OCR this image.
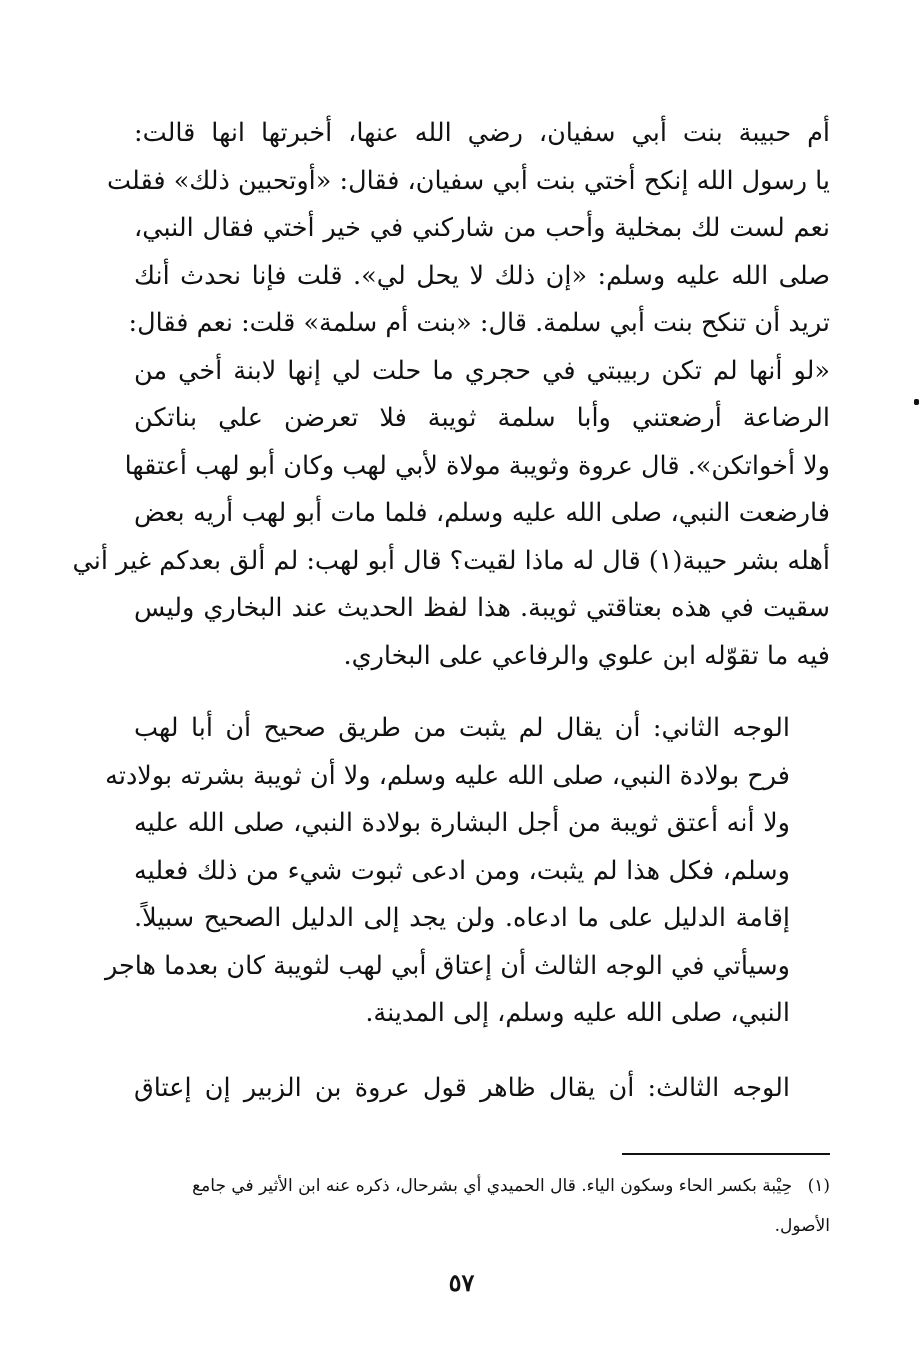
أم حبيبة بنت أبي سفيان، رضي الله عنها، أخبرتها انها قالت:
يا رسول الله إنكح أختي بنت أبي سفيان، فقال: «أوتحبين ذلك» فقلت
نعم لست لك بمخلية وأحب من شاركني في خير أختي فقال النبي،
صلى الله عليه وسلم: «إن ذلك لا يحل لي». قلت فإنا نحدث أنك
تريد أن تنكح بنت أبي سلمة. قال: «بنت أم سلمة» قلت: نعم فقال:
«لو أنها لم تكن ربيبتي في حجري ما حلت لي إنها لابنة أخي من
الرضاعة أرضعتني وأبا سلمة ثويبة فلا تعرضن علي بناتكن
ولا أخواتكن». قال عروة وثويبة مولاة لأبي لهب وكان أبو لهب أعتقها
فارضعت النبي، صلى الله عليه وسلم، فلما مات أبو لهب أريه بعض
أهله بشر حيبة(١) قال له ماذا لقيت؟ قال أبو لهب: لم ألق بعدكم غير أني
سقيت في هذه بعتاقتي ثويبة. هذا لفظ الحديث عند البخاري وليس
فيه ما تقوّله ابن علوي والرفاعي على البخاري.
الوجه الثاني: أن يقال لم يثبت من طريق صحيح أن أبا لهب
فرح بولادة النبي، صلى الله عليه وسلم، ولا أن ثويبة بشرته بولادته
ولا أنه أعتق ثويبة من أجل البشارة بولادة النبي، صلى الله عليه
وسلم، فكل هذا لم يثبت، ومن ادعى ثبوت شيء من ذلك فعليه
إقامة الدليل على ما ادعاه. ولن يجد إلى الدليل الصحيح سبيلاً.
وسيأتي في الوجه الثالث أن إعتاق أبي لهب لثويبة كان بعدما هاجر
النبي، صلى الله عليه وسلم، إلى المدينة.
الوجه الثالث: أن يقال ظاهر قول عروة بن الزبير إن إعتاق
(١) حِيْبة بكسر الحاء وسكون الياء. قال الحميدي أي بشرحال، ذكره عنه ابن الأثير في جامع الأصول.
٥٧
